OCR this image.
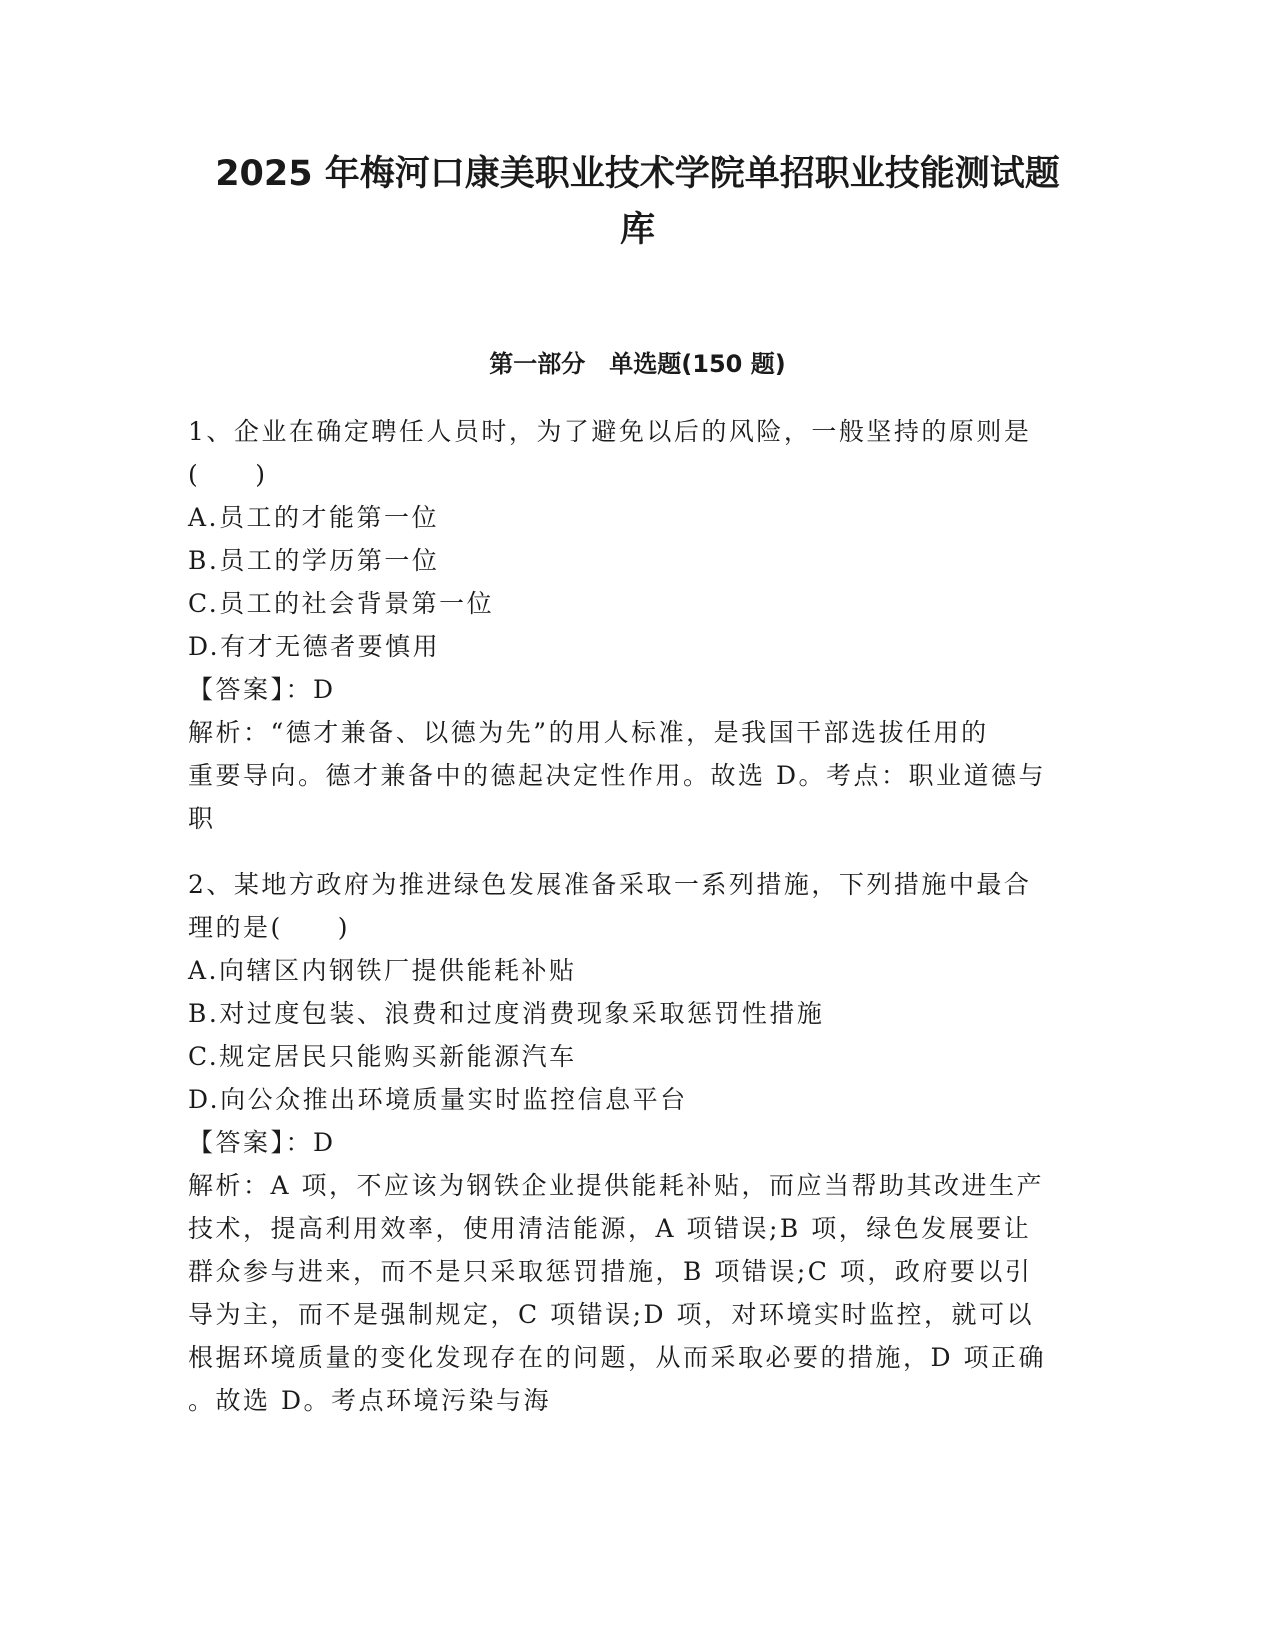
2025 年梅河口康美职业技术学院单招职业技能测试题
库
第一部分　单选题(150 题)
1、企业在确定聘任人员时，为了避免以后的风险，一般坚持的原则是
(　　)
A.员工的才能第一位
B.员工的学历第一位
C.员工的社会背景第一位
D.有才无德者要慎用
【答案】：D
解析：“德才兼备、以德为先”的用人标准，是我国干部选拔任用的
重要导向。德才兼备中的德起决定性作用。故选 D。考点：职业道德与
职
2、某地方政府为推进绿色发展准备采取一系列措施，下列措施中最合
理的是(　　)
A.向辖区内钢铁厂提供能耗补贴
B.对过度包装、浪费和过度消费现象采取惩罚性措施
C.规定居民只能购买新能源汽车
D.向公众推出环境质量实时监控信息平台
【答案】：D
解析：A 项，不应该为钢铁企业提供能耗补贴，而应当帮助其改进生产
技术，提高利用效率，使用清洁能源，A 项错误;B 项，绿色发展要让
群众参与进来，而不是只采取惩罚措施，B 项错误;C 项，政府要以引
导为主，而不是强制规定，C 项错误;D 项，对环境实时监控，就可以
根据环境质量的变化发现存在的问题，从而采取必要的措施，D 项正确
。故选 D。考点环境污染与海
